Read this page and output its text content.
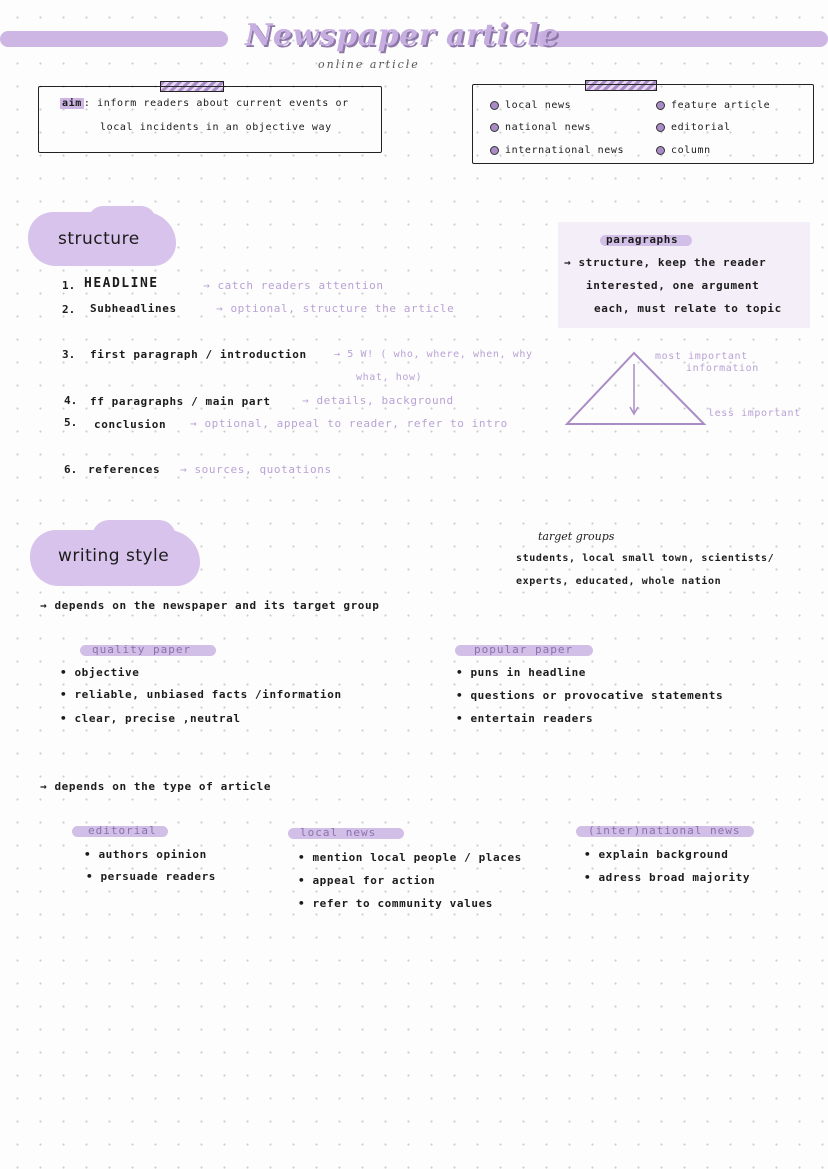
Newspaper article
online article
aim : inform readers about current events or
local incidents in an objective way
local news
national news
international news
feature article
editorial
column
structure
1. HEADLINE	→ catch readers attention
2. Subheadlines	→ optional, structure the article
3. first paragraph / introduction	→ 5 W! ( who, where, when, why
what, how)
4. ff paragraphs / main part	→ details, background
5. conclusion → optional, appeal to reader, refer to intro
6. references → sources, quotations
paragraphs
→ structure, keep the reader
interested, one argument
each, must relate to topic
most important
information
less important
writing style
target groups
students, local small town, scientists/
experts, educated, whole nation
→ depends on the newspaper and its target group
quality paper
• objective
• reliable, unbiased facts /information
• clear, precise ,neutral
popular paper
• puns in headline
• questions or provocative statements
• entertain readers
→ depends on the type of article
editorial
• authors opinion
• persuade readers
local news
• mention local people / places
• appeal for action
• refer to community values
(inter)national news
• explain background
• adress broad majority
